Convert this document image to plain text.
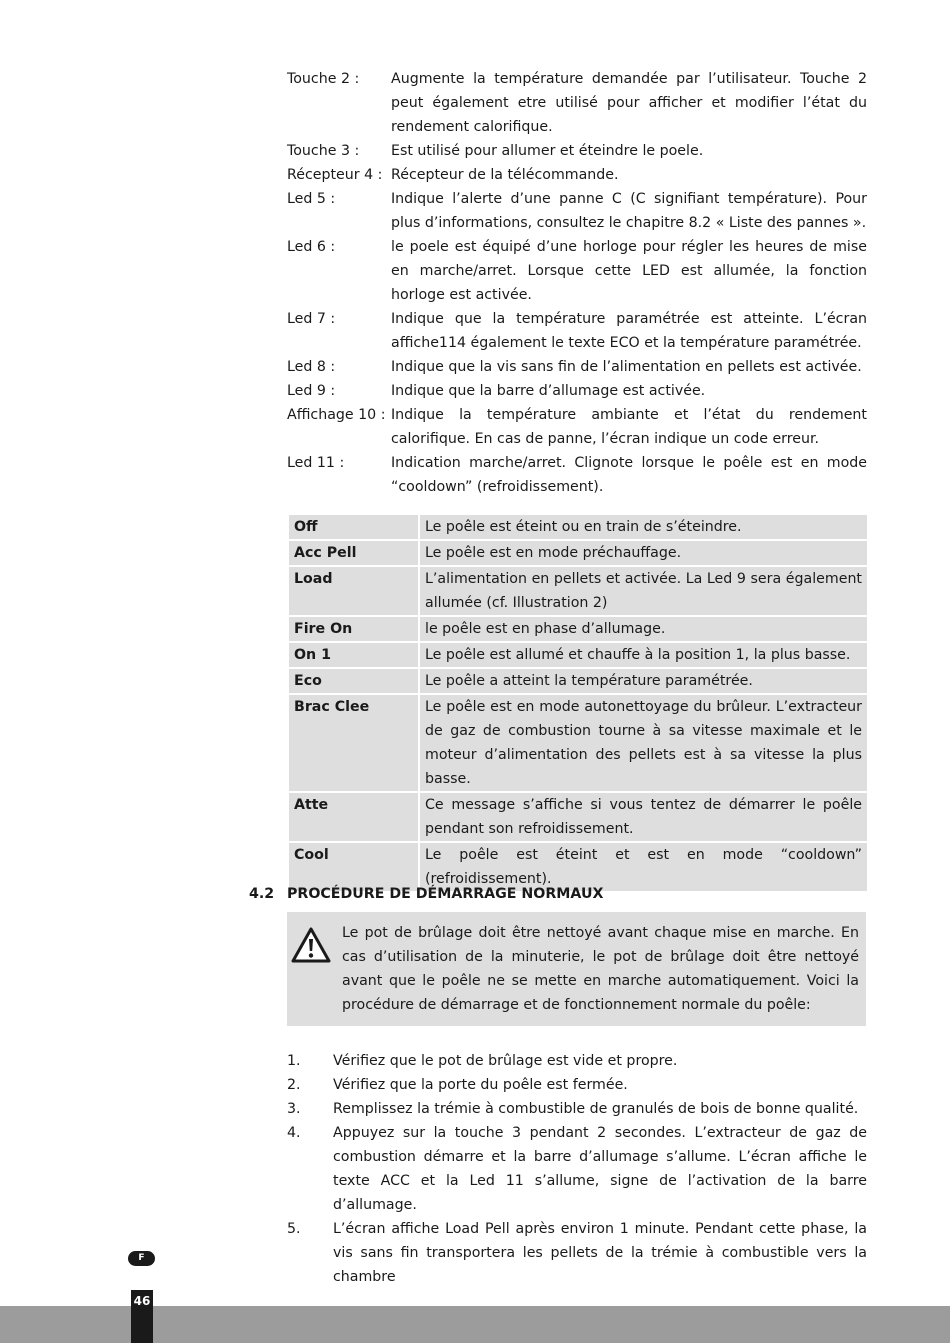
Touche 2 :	Augmente la température demandée par l’utilisateur. Touche 2 peut également etre utilisé pour afficher et modifier l’état du rendement calorifique.
Touche 3 :	Est utilisé pour allumer et éteindre le poele.
Récepteur 4 : Récepteur de la télécommande.
Led 5 :	Indique l’alerte d’une panne C (C signifiant température). Pour plus d’informations, consultez le chapitre 8.2 « Liste des pannes ».
Led 6 :	le poele est équipé d’une horloge pour régler les heures de mise en marche/arret. Lorsque cette LED est allumée, la fonction horloge est activée.
Led 7 :	Indique que la température paramétrée est atteinte. L’écran affiche114 également le texte ECO et la température paramétrée.
Led 8 :	Indique que la vis sans fin de l’alimentation en pellets est activée.
Led 9 :	Indique que la barre d’allumage est activée.
Affichage 10 : Indique la température ambiante et l’état du rendement calorifique. En cas de panne, l’écran indique un code erreur.
Led 11 :	Indication marche/arret. Clignote lorsque le poêle est en mode “cooldown” (refroidissement).
Off	Le poêle est éteint ou en train de s’éteindre.
Acc Pell	Le poêle est en mode préchauffage.
Load	L’alimentation en pellets et activée. La Led 9 sera également allumée (cf. Illustration 2)
Fire On	le poêle est en phase d’allumage.
On 1	Le poêle est allumé et chauffe à la position 1, la plus basse.
Eco	Le poêle a atteint la température paramétrée.
Brac Clee	Le poêle est en mode autonettoyage du brûleur. L’extracteur de gaz de combustion tourne à sa vitesse maximale et le moteur d’alimentation des pellets est à sa vitesse la plus basse.
Atte	Ce message s’affiche si vous tentez de démarrer le poêle pendant son refroidissement.
Cool	Le poêle est éteint et est en mode “cooldown” (refroidissement).
4.2 PROCÉDURE DE DÉMARRAGE NORMAUX
Le pot de brûlage doit être nettoyé avant chaque mise en marche. En cas d’utilisation de la minuterie, le pot de brûlage doit être nettoyé avant que le poêle ne se mette en marche automatiquement. Voici la procédure de démarrage et de fonctionnement normale du poêle:
1.	Vérifiez que le pot de brûlage est vide et propre.
2.	Vérifiez que la porte du poêle est fermée.
3.	Remplissez la trémie à combustible de granulés de bois de bonne qualité.
4.	Appuyez sur la touche 3 pendant 2 secondes. L’extracteur de gaz de combustion démarre et la barre d’allumage s’allume. L’écran affiche le texte ACC et la Led 11 s’allume, signe de l’activation de la barre d’allumage.
5.	L’écran affiche Load Pell après environ 1 minute. Pendant cette phase, la vis sans fin transportera les pellets de la trémie à combustible vers la chambre
F
46
